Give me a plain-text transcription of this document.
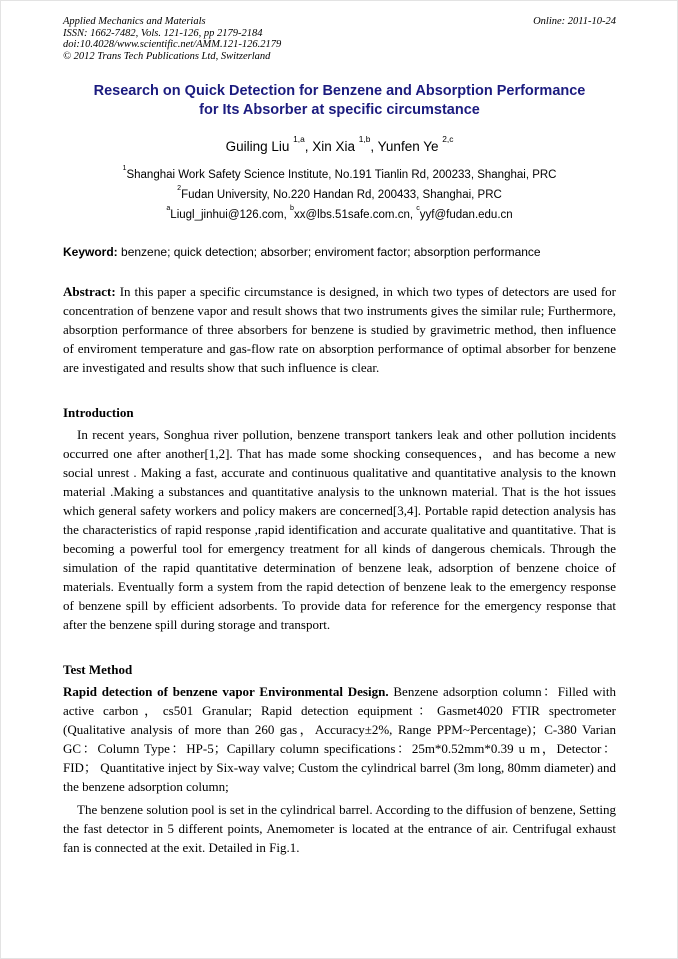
Applied Mechanics and Materials
ISSN: 1662-7482, Vols. 121-126, pp 2179-2184
doi:10.4028/www.scientific.net/AMM.121-126.2179
© 2012 Trans Tech Publications Ltd, Switzerland
Online: 2011-10-24
Research on Quick Detection for Benzene and Absorption Performance
for Its Absorber at specific circumstance
Guiling Liu $^{1,a}$, Xin Xia $^{1,b}$, Yunfen Ye $^{2,c}$
$^1$Shanghai Work Safety Science Institute, No.191 Tianlin Rd, 200233, Shanghai, PRC
$^2$Fudan University, No.220 Handan Rd, 200433, Shanghai, PRC
$^a$Liugl_jinhui@126.com, $^b$xx@lbs.51safe.com.cn, $^c$yyf@fudan.edu.cn

Keyword: benzene; quick detection; absorber; enviroment factor; absorption performance

Abstract: In this paper a specific circumstance is designed, in which two types of detectors are used for concentration of benzene vapor and result shows that two instruments gives the similar rule; Furthermore, absorption performance of three absorbers for benzene is studied by gravimetric method, then influence of enviroment temperature and gas-flow rate on absorption performance of optimal absorber for benzene are investigated and results show that such influence is clear.

Introduction

In recent years, Songhua river pollution, benzene transport tankers leak and other pollution incidents occurred one after another[1,2]. That has made some shocking consequences，and has become a new social unrest . Making a fast, accurate and continuous qualitative and quantitative analysis to the known material .Making a substances and quantitative analysis to the unknown material. That is the hot issues which general safety workers and policy makers are concerned[3,4]. Portable rapid detection analysis has the characteristics of rapid response ,rapid identification and accurate qualitative and quantitative. That is becoming a powerful tool for emergency treatment for all kinds of dangerous chemicals. Through the simulation of the rapid quantitative determination of benzene leak, adsorption of benzene choice of materials. Eventually form a system from the rapid detection of benzene leak to the emergency response of benzene spill by efficient adsorbents. To provide data for reference for the emergency response that after the benzene spill during storage and transport.

Test Method

Rapid detection of benzene vapor Environmental Design. Benzene adsorption column：Filled with active carbon，cs501 Granular; Rapid detection equipment：Gasmet4020 FTIR spectrometer (Qualitative analysis of more than 260 gas，Accuracy±2%, Range PPM~Percentage)；C-380 Varian GC：Column Type：HP-5；Capillary column specifications：25m*0.52mm*0.39 u m，Detector：FID； Quantitative inject by Six-way valve; Custom the cylindrical barrel (3m long, 80mm diameter) and the benzene adsorption column;

The benzene solution pool is set in the cylindrical barrel. According to the diffusion of benzene, Setting the fast detector in 5 different points, Anemometer is located at the entrance of air. Centrifugal exhaust fan is connected at the exit. Detailed in Fig.1.
